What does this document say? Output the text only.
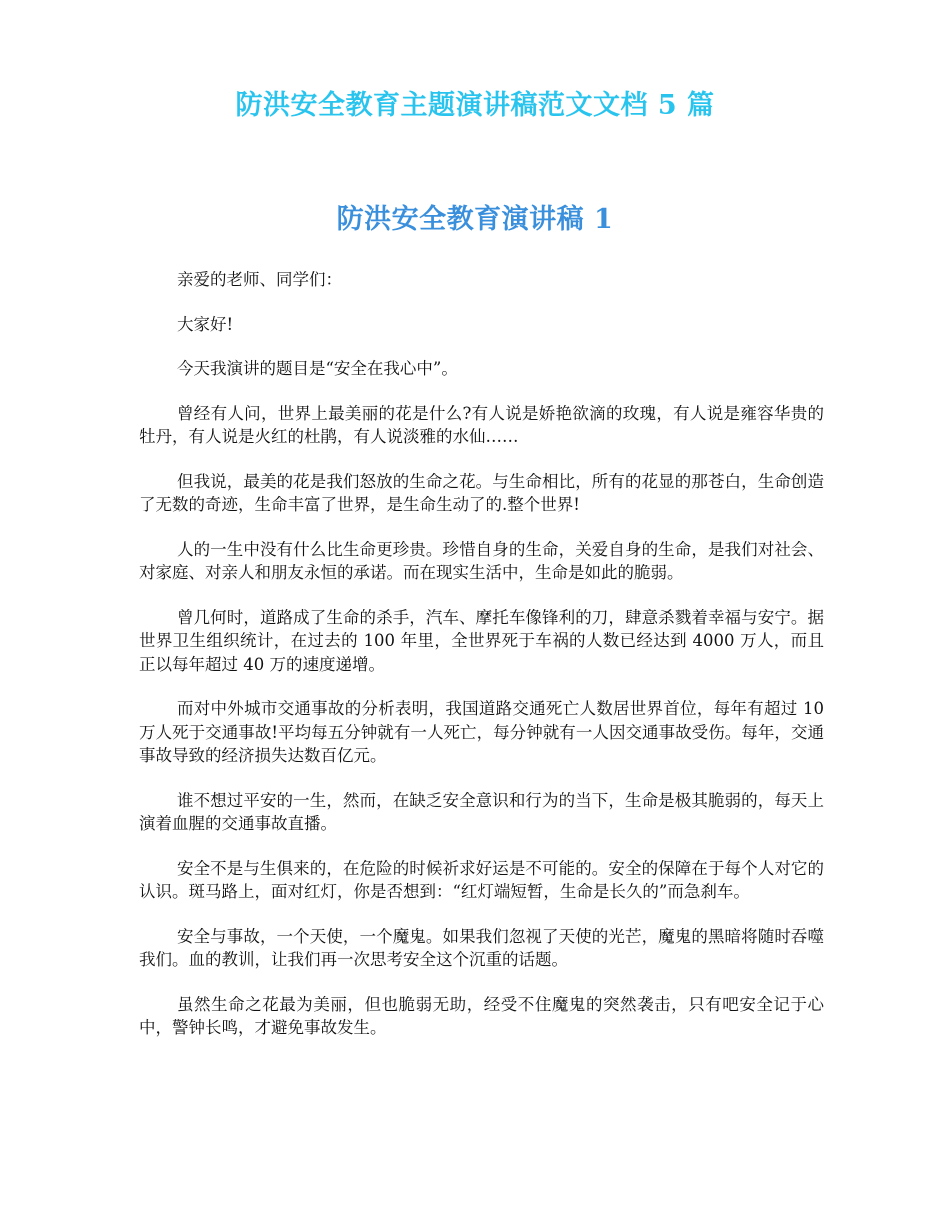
防洪安全教育主题演讲稿范文文档 5 篇
防洪安全教育演讲稿 1

亲爱的老师、同学们：

大家好!

今天我演讲的题目是“安全在我心中”。

曾经有人问，世界上最美丽的花是什么?有人说是娇艳欲滴的玫瑰，有人说是雍容华贵的牡丹，有人说是火红的杜鹃，有人说淡雅的水仙……

但我说，最美的花是我们怒放的生命之花。与生命相比，所有的花显的那苍白，生命创造了无数的奇迹，生命丰富了世界，是生命生动了的.整个世界!

人的一生中没有什么比生命更珍贵。珍惜自身的生命，关爱自身的生命，是我们对社会、对家庭、对亲人和朋友永恒的承诺。而在现实生活中，生命是如此的脆弱。

曾几何时，道路成了生命的杀手，汽车、摩托车像锋利的刀，肆意杀戮着幸福与安宁。据世界卫生组织统计，在过去的 100 年里，全世界死于车祸的人数已经达到 4000 万人，而且正以每年超过 40 万的速度递增。

而对中外城市交通事故的分析表明，我国道路交通死亡人数居世界首位，每年有超过 10 万人死于交通事故!平均每五分钟就有一人死亡，每分钟就有一人因交通事故受伤。每年，交通事故导致的经济损失达数百亿元。

谁不想过平安的一生，然而，在缺乏安全意识和行为的当下，生命是极其脆弱的，每天上演着血腥的交通事故直播。

安全不是与生俱来的，在危险的时候祈求好运是不可能的。安全的保障在于每个人对它的认识。斑马路上，面对红灯，你是否想到：“红灯端短暂，生命是长久的”而急刹车。

安全与事故，一个天使，一个魔鬼。如果我们忽视了天使的光芒，魔鬼的黑暗将随时吞噬我们。血的教训，让我们再一次思考安全这个沉重的话题。

虽然生命之花最为美丽，但也脆弱无助，经受不住魔鬼的突然袭击，只有吧安全记于心中，警钟长鸣，才避免事故发生。
